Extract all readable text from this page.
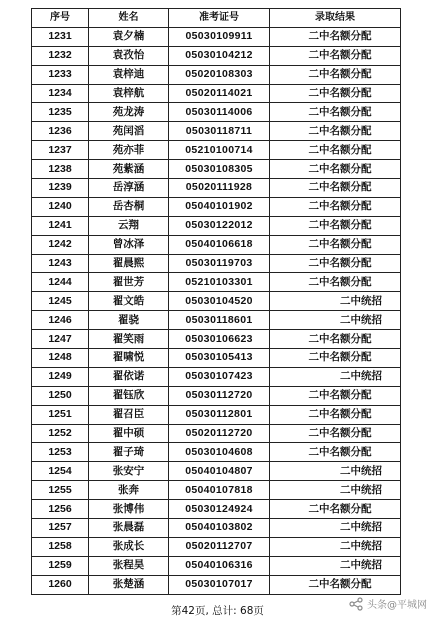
序号	姓名	准考证号	录取结果
1231	袁夕楠	05030109911	二中名额分配
1232	袁孜怡	05030104212	二中名额分配
1233	袁梓迪	05020108303	二中名额分配
1234	袁梓航	05020114021	二中名额分配
1235	苑龙涛	05030114006	二中名额分配
1236	苑闰滔	05030118711	二中名额分配
1237	苑亦菲	05210100714	二中名额分配
1238	苑紫涵	05030108305	二中名额分配
1239	岳淳涵	05020111928	二中名额分配
1240	岳杏桐	05040101902	二中名额分配
1241	云翔	05030122012	二中名额分配
1242	曾冰泽	05040106618	二中名额分配
1243	翟晨熙	05030119703	二中名额分配
1244	翟世芳	05210103301	二中名额分配
1245	翟文皓	05030104520	二中统招
1246	翟骁	05030118601	二中统招
1247	翟笑雨	05030106623	二中名额分配
1248	翟啸悦	05030105413	二中名额分配
1249	翟依诺	05030107423	二中统招
1250	翟钰欣	05030112720	二中名额分配
1251	翟召臣	05030112801	二中名额分配
1252	翟中硕	05020112720	二中名额分配
1253	翟子琦	05030104608	二中名额分配
1254	张安宁	05040104807	二中统招
1255	张奔	05040107818	二中统招
1256	张博伟	05030124924	二中名额分配
1257	张晨磊	05040103802	二中统招
1258	张成长	05020112707	二中统招
1259	张程昊	05040106316	二中统招
1260	张楚涵	05030107017	二中名额分配
第42页, 总计: 68页	头条@平城网
